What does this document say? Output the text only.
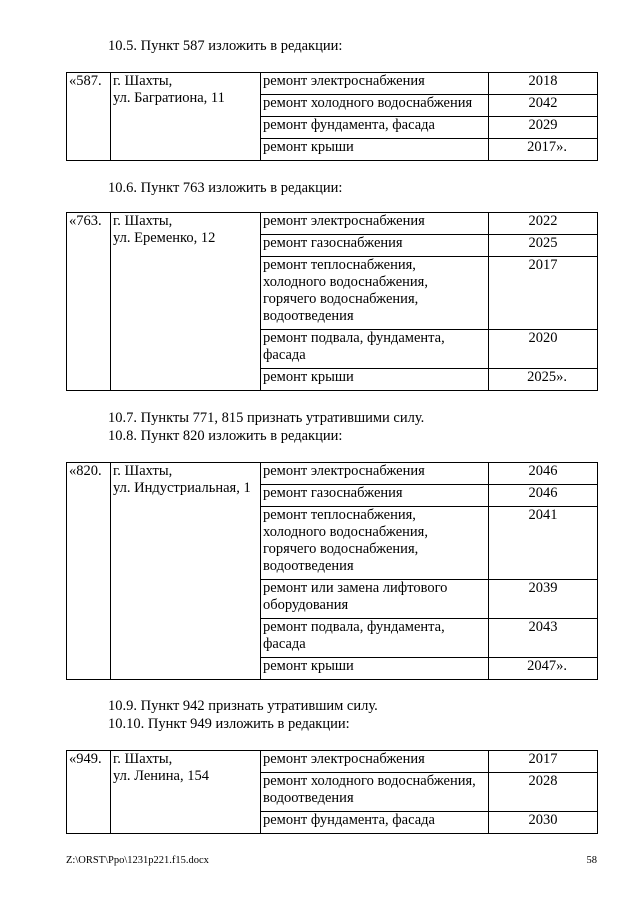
10.5. Пункт 587 изложить в редакции:
10.6. Пункт 763 изложить в редакции:
10.7. Пункты 771, 815 признать утратившими силу.
10.8. Пункт 820 изложить в редакции:
10.9. Пункт 942 признать утратившим силу.
10.10. Пункт 949 изложить в редакции:
«587.	г. Шахты,
ул. Багратиона, 11	ремонт электроснабжения	2018
		ремонт холодного водоснабжения	2042
		ремонт фундамента, фасада	2029
		ремонт крыши	2017».
«763.	г. Шахты,
ул. Еременко, 12	ремонт электроснабжения	2022
		ремонт газоснабжения	2025
		ремонт теплоснабжения,
холодного водоснабжения,
горячего водоснабжения,
водоотведения	2017
		ремонт подвала, фундамента,
фасада	2020
		ремонт крыши	2025».
«820.	г. Шахты,
ул. Индустриальная, 1	ремонт электроснабжения	2046
		ремонт газоснабжения	2046
		ремонт теплоснабжения,
холодного водоснабжения,
горячего водоснабжения,
водоотведения	2041
		ремонт или замена лифтового
оборудования	2039
		ремонт подвала, фундамента,
фасада	2043
		ремонт крыши	2047».
«949.	г. Шахты,
ул. Ленина, 154	ремонт электроснабжения	2017
		ремонт холодного водоснабжения,
водоотведения	2028
		ремонт фундамента, фасада	2030
Z:\ORST\Ppo\1231p221.f15.docx	58
